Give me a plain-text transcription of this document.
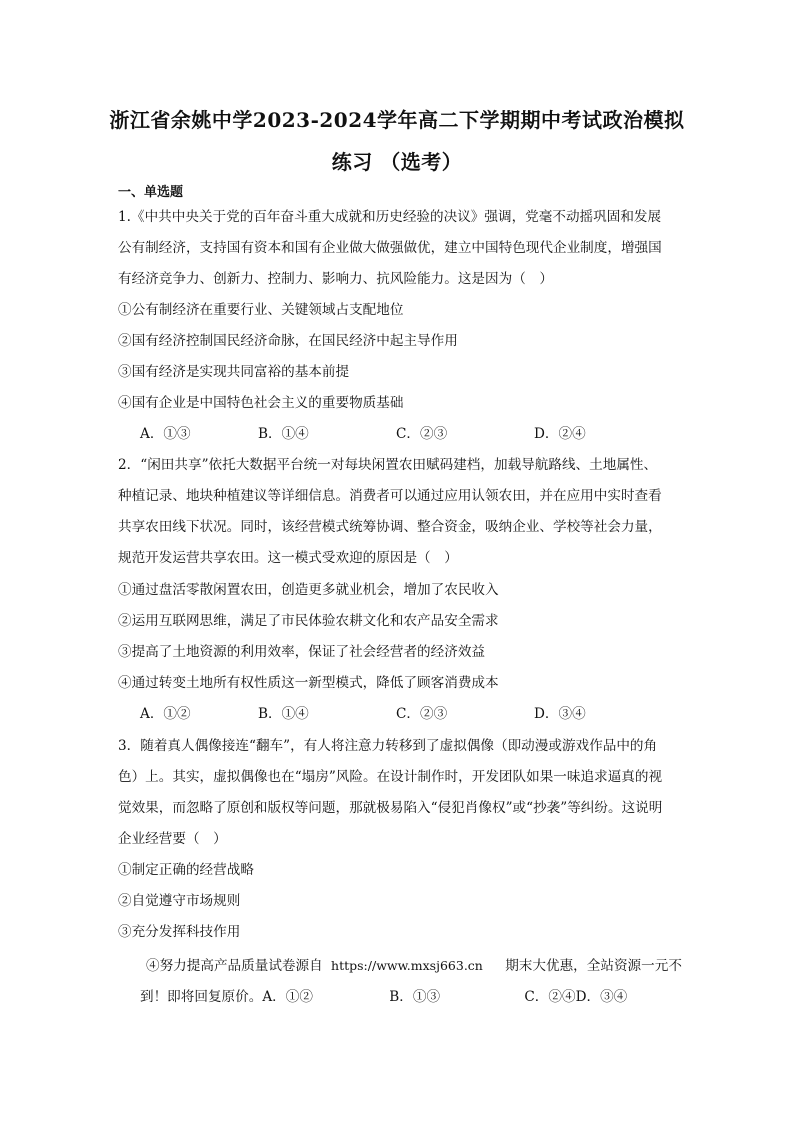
浙江省余姚中学2023-2024学年高二下学期期中考试政治模拟
练习 （选考）
一、单选题
1.《中共中央关于党的百年奋斗重大成就和历史经验的决议》强调，党毫不动摇巩固和发展
公有制经济，支持国有资本和国有企业做大做强做优，建立中国特色现代企业制度，增强国
有经济竞争力、创新力、控制力、影响力、抗风险能力。这是因为（　）
①公有制经济在重要行业、关键领域占支配地位
②国有经济控制国民经济命脉，在国民经济中起主导作用
③国有经济是实现共同富裕的基本前提
④国有企业是中国特色社会主义的重要物质基础
A．①③	B．①④	C．②③	D．②④
2．“闲田共享”依托大数据平台统一对每块闲置农田赋码建档，加载导航路线、土地属性、
种植记录、地块种植建议等详细信息。消费者可以通过应用认领农田，并在应用中实时查看
共享农田线下状况。同时，该经营模式统筹协调、整合资金，吸纳企业、学校等社会力量，
规范开发运营共享农田。这一模式受欢迎的原因是（　）
①通过盘活零散闲置农田，创造更多就业机会，增加了农民收入
②运用互联网思维，满足了市民体验农耕文化和农产品安全需求
③提高了土地资源的利用效率，保证了社会经营者的经济效益
④通过转变土地所有权性质这一新型模式，降低了顾客消费成本
A．①②	B．①④	C．②③	D．③④
3．随着真人偶像接连“翻车”，有人将注意力转移到了虚拟偶像（即动漫或游戏作品中的角
色）上。其实，虚拟偶像也在“塌房”风险。在设计制作时，开发团队如果一味追求逼真的视
觉效果，而忽略了原创和版权等问题，那就极易陷入“侵犯肖像权”或“抄袭”等纠纷。这说明
企业经营要（　）
①制定正确的经营战略
②自觉遵守市场规则
③充分发挥科技作用
④努力提高产品质量试卷源自 https://www.mxsj663.cn 期末大优惠，全站资源一元不
到！即将回复原价。A．①②	B．①③	C．②④D．③④
